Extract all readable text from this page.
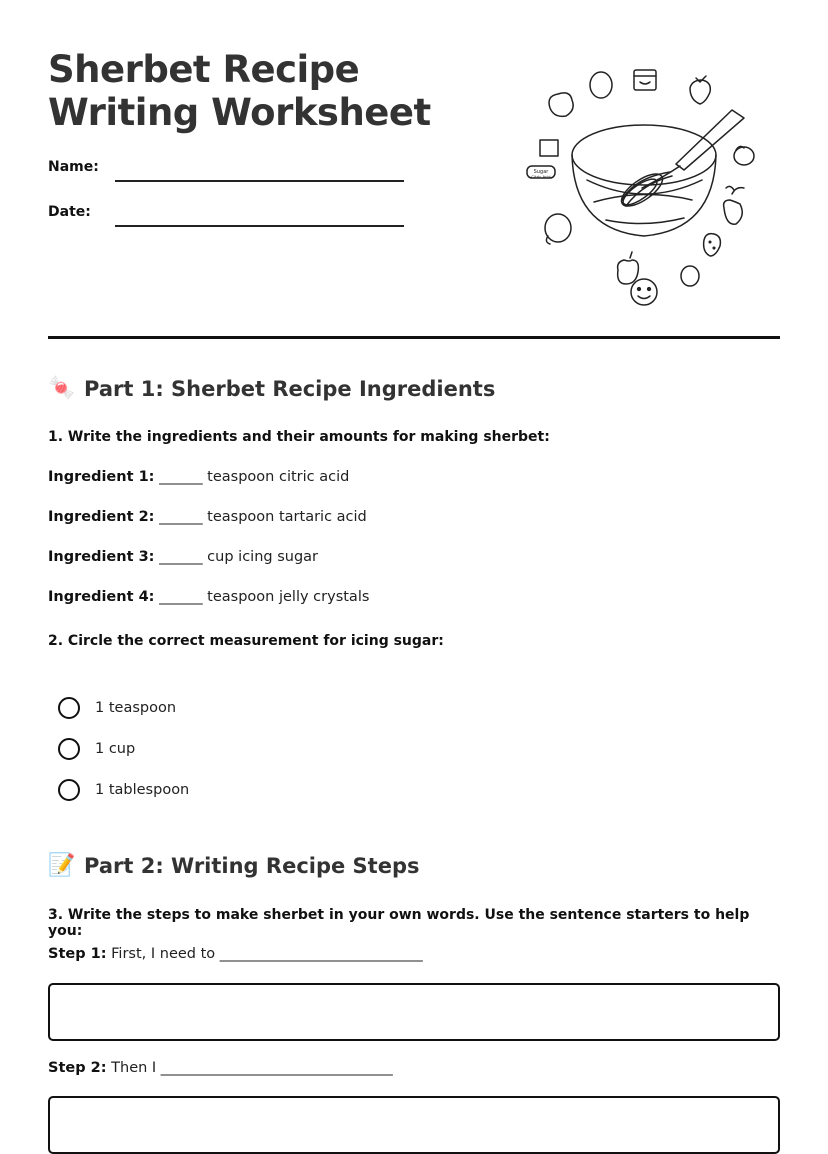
Sherbet Recipe Writing Worksheet
Name:
Date:
Sugar
Citric Acid
🍬 Part 1: Sherbet Recipe Ingredients

1. Write the ingredients and their amounts for making sherbet:

Ingredient 1: ______ teaspoon citric acid
Ingredient 2: ______ teaspoon tartaric acid
Ingredient 3: ______ cup icing sugar
Ingredient 4: ______ teaspoon jelly crystals

2. Circle the correct measurement for icing sugar:

1 teaspoon
1 cup
1 tablespoon
📝 Part 2: Writing Recipe Steps

3. Write the steps to make sherbet in your own words. Use the sentence starters to help you:

Step 1: First, I need to ____________________________
Step 2: Then I ________________________________
